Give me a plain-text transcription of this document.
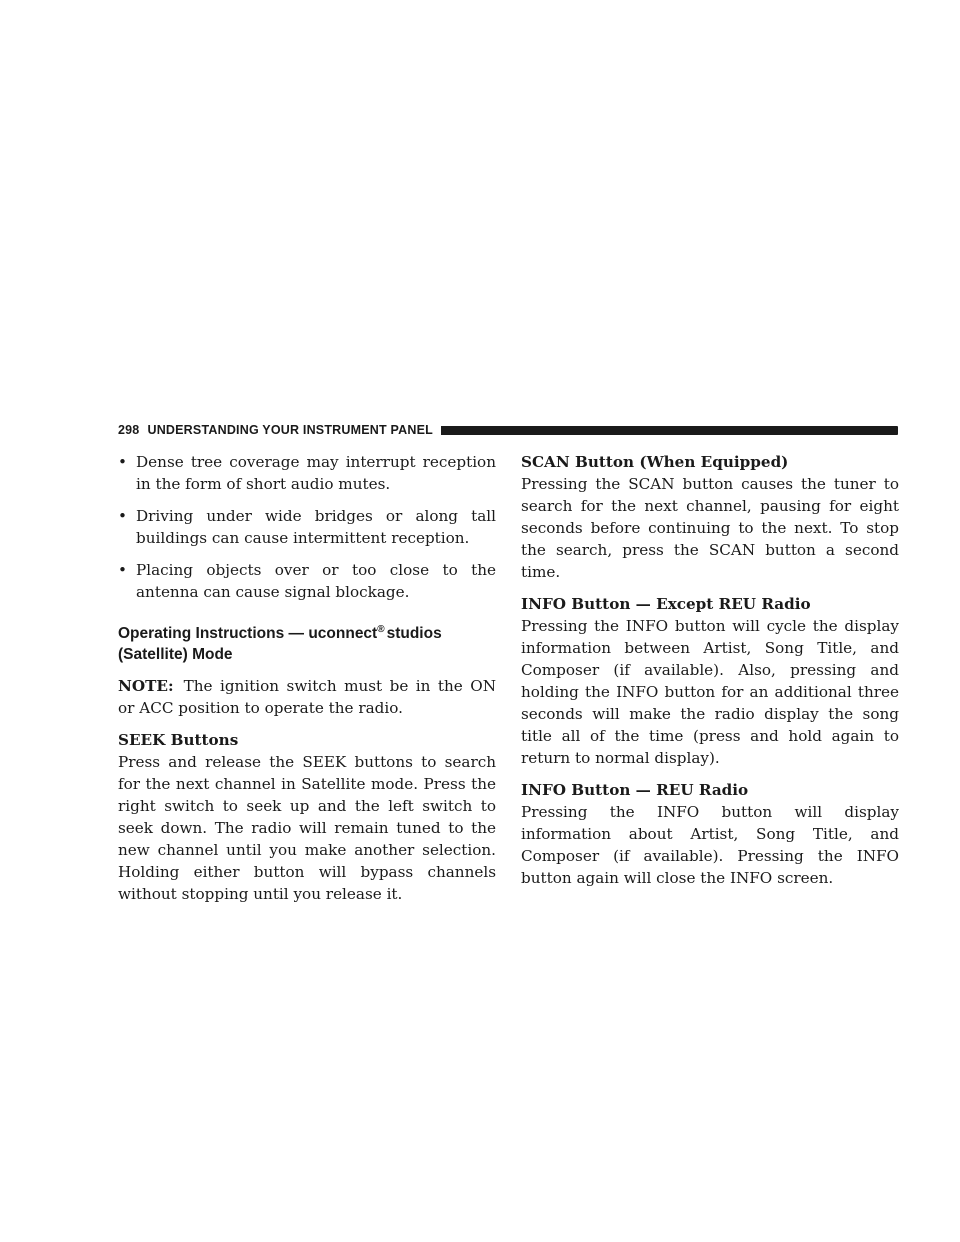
298 UNDERSTANDING YOUR INSTRUMENT PANEL
• Dense tree coverage may interrupt reception in the form of short audio mutes.
• Driving under wide bridges or along tall buildings can cause intermittent reception.
• Placing objects over or too close to the antenna can cause signal blockage.
Operating Instructions — uconnect® studios
(Satellite) Mode

NOTE: The ignition switch must be in the ON or ACC position to operate the radio.

SEEK Buttons

Press and release the SEEK buttons to search for the next channel in Satellite mode. Press the right switch to seek up and the left switch to seek down. The radio will remain tuned to the new channel until you make another selection. Holding either button will bypass channels without stopping until you release it.

SCAN Button (When Equipped)

Pressing the SCAN button causes the tuner to search for the next channel, pausing for eight seconds before continuing to the next. To stop the search, press the SCAN button a second time.

INFO Button — Except REU Radio

Pressing the INFO button will cycle the display information between Artist, Song Title, and Composer (if available). Also, pressing and holding the INFO button for an additional three seconds will make the radio display the song title all of the time (press and hold again to return to normal display).

INFO Button — REU Radio

Pressing the INFO button will display information about Artist, Song Title, and Composer (if available). Pressing the INFO button again will close the INFO screen.
